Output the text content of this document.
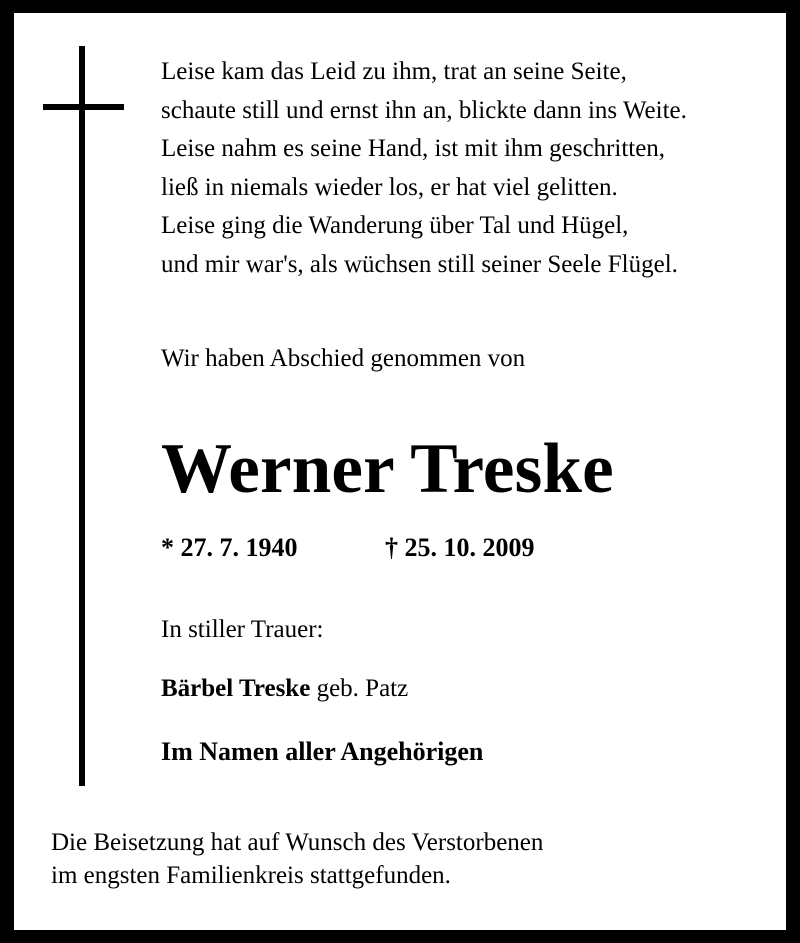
Leise kam das Leid zu ihm, trat an seine Seite,
schaute still und ernst ihn an, blickte dann ins Weite.
Leise nahm es seine Hand, ist mit ihm geschritten,
ließ in niemals wieder los, er hat viel gelitten.
Leise ging die Wanderung über Tal und Hügel,
und mir war's, als wüchsen still seiner Seele Flügel.
Wir haben Abschied genommen von
Werner Treske
* 27. 7. 1940	† 25. 10. 2009
In stiller Trauer:
Bärbel Treske geb. Patz
Im Namen aller Angehörigen
Die Beisetzung hat auf Wunsch des Verstorbenen
im engsten Familienkreis stattgefunden.
